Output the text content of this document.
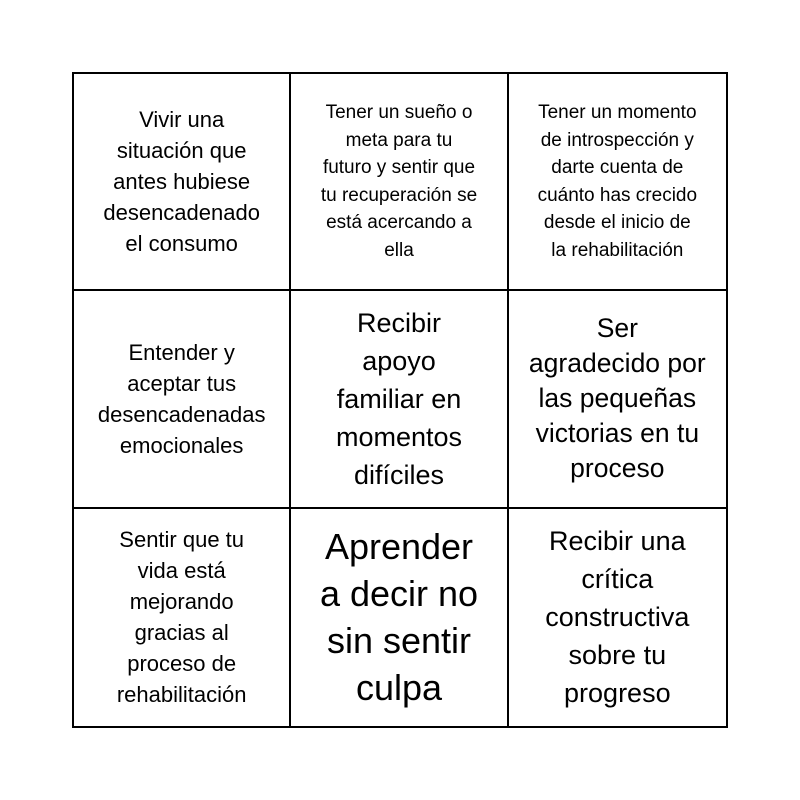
Vivir una
situación que
antes hubiese
desencadenado
el consumo
Tener un sueño o
meta para tu
futuro y sentir que
tu recuperación se
está acercando a
ella
Tener un momento
de introspección y
darte cuenta de
cuánto has crecido
desde el inicio de
la rehabilitación
Entender y
aceptar tus
desencadenadas
emocionales
Recibir
apoyo
familiar en
momentos
difíciles
Ser
agradecido por
las pequeñas
victorias en tu
proceso
Sentir que tu
vida está
mejorando
gracias al
proceso de
rehabilitación
Aprender
a decir no
sin sentir
culpa
Recibir una
crítica
constructiva
sobre tu
progreso
